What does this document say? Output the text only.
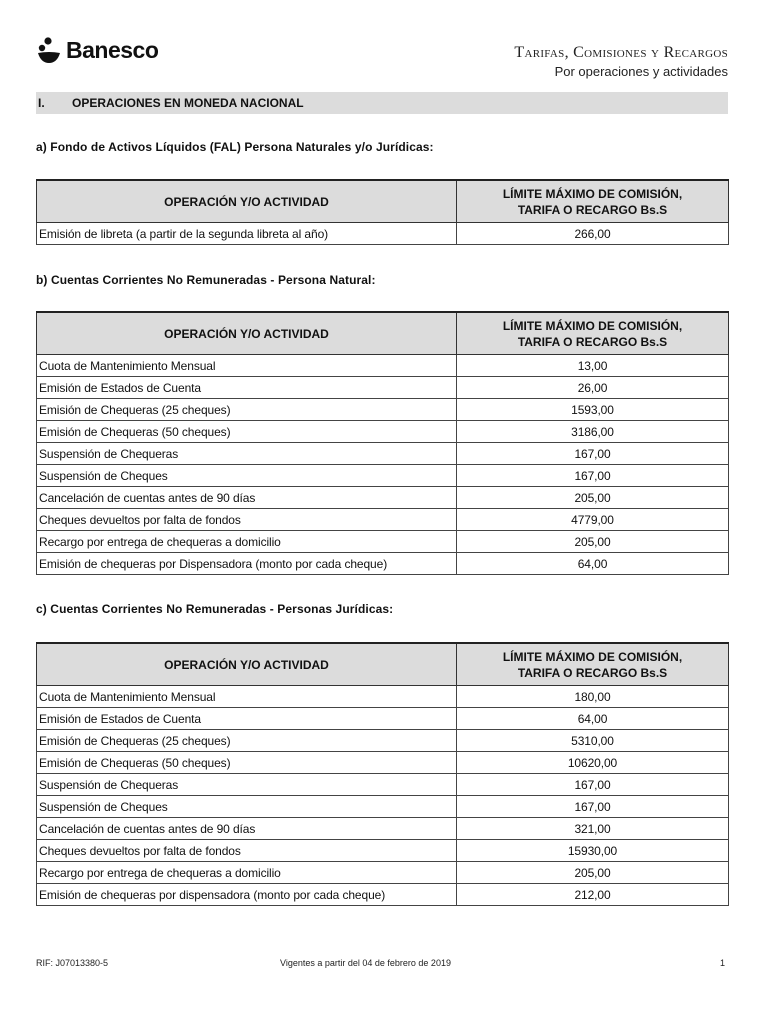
Banesco	Tarifas, Comisiones y Recargos
Por operaciones y actividades
I. OPERACIONES EN MONEDA NACIONAL
a) Fondo de Activos Líquidos (FAL) Persona Naturales y/o Jurídicas:
OPERACIÓN Y/O ACTIVIDAD	LÍMITE MÁXIMO DE COMISIÓN,
TARIFA O RECARGO Bs.S
Emisión de libreta (a partir de la segunda libreta al año)	266,00
b) Cuentas Corrientes No Remuneradas - Persona Natural:
OPERACIÓN Y/O ACTIVIDAD	LÍMITE MÁXIMO DE COMISIÓN,
TARIFA O RECARGO Bs.S
Cuota de Mantenimiento Mensual	13,00
Emisión de Estados de Cuenta	26,00
Emisión de Chequeras (25 cheques)	1593,00
Emisión de Chequeras (50 cheques)	3186,00
Suspensión de Chequeras	167,00
Suspensión de Cheques	167,00
Cancelación de cuentas antes de 90 días	205,00
Cheques devueltos por falta de fondos	4779,00
Recargo por entrega de chequeras a domicilio	205,00
Emisión de chequeras por Dispensadora (monto por cada cheque)	64,00
c) Cuentas Corrientes No Remuneradas - Personas Jurídicas:
OPERACIÓN Y/O ACTIVIDAD	LÍMITE MÁXIMO DE COMISIÓN,
TARIFA O RECARGO Bs.S
Cuota de Mantenimiento Mensual	180,00
Emisión de Estados de Cuenta	64,00
Emisión de Chequeras (25 cheques)	5310,00
Emisión de Chequeras (50 cheques)	10620,00
Suspensión de Chequeras	167,00
Suspensión de Cheques	167,00
Cancelación de cuentas antes de 90 días	321,00
Cheques devueltos por falta de fondos	15930,00
Recargo por entrega de chequeras a domicilio	205,00
Emisión de chequeras por dispensadora (monto por cada cheque)	212,00
RIF: J07013380-5	Vigentes a partir del 04 de febrero de 2019	1
